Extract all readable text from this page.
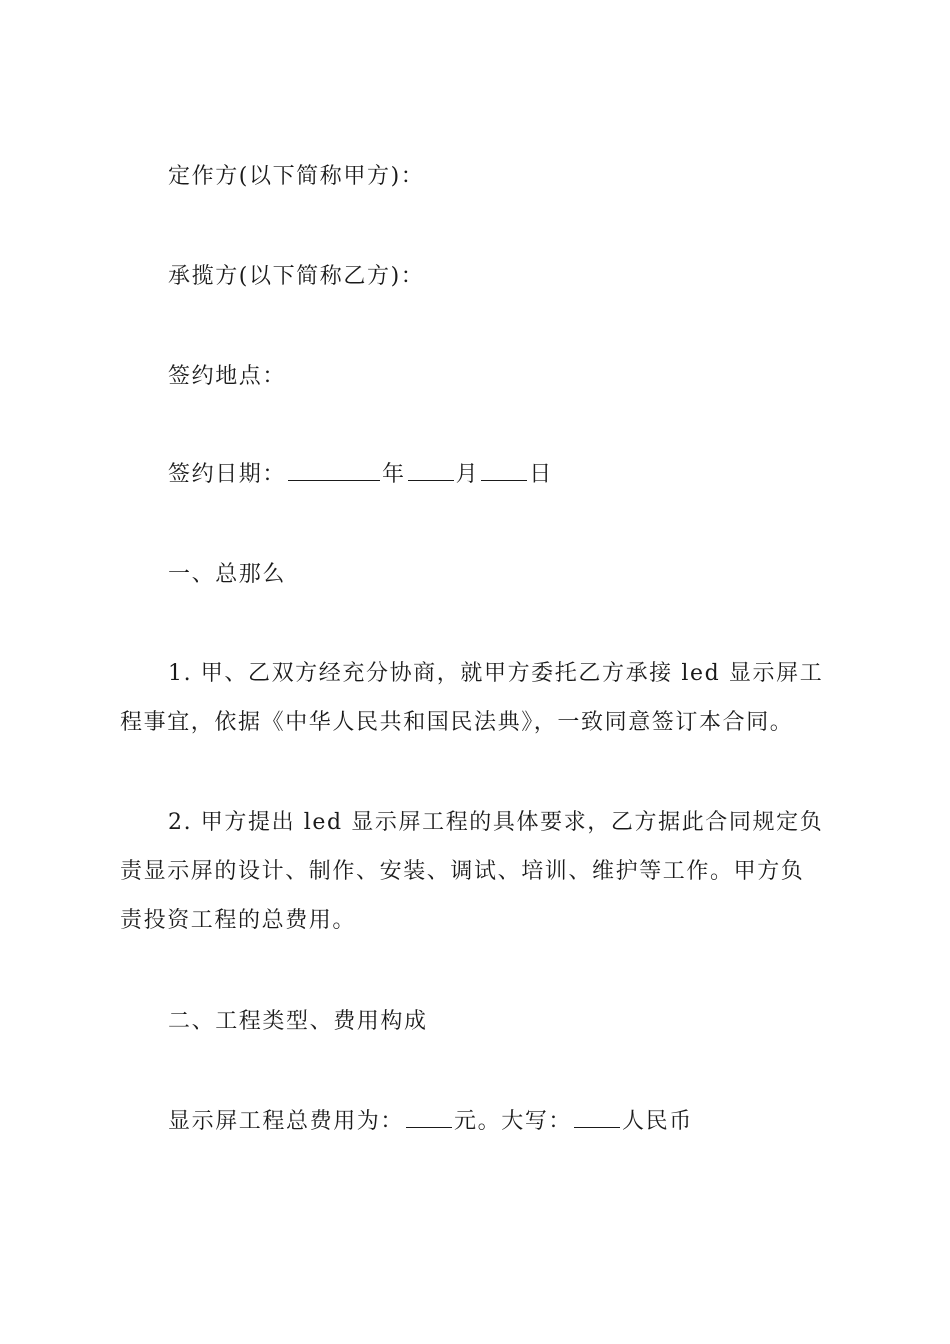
定作方(以下简称甲方)：
承揽方(以下简称乙方)：
签约地点：
签约日期：	年 月 日
一、总那么
1. 甲、乙双方经充分协商，就甲方委托乙方承接 led 显示屏工
程事宜，依据《中华人民共和国民法典》，一致同意签订本合同。
2. 甲方提出 led 显示屏工程的具体要求，乙方据此合同规定负
责显示屏的设计、制作、安装、调试、培训、维护等工作。甲方负
责投资工程的总费用。
二、工程类型、费用构成
显示屏工程总费用为： 元。大写： 人民币
